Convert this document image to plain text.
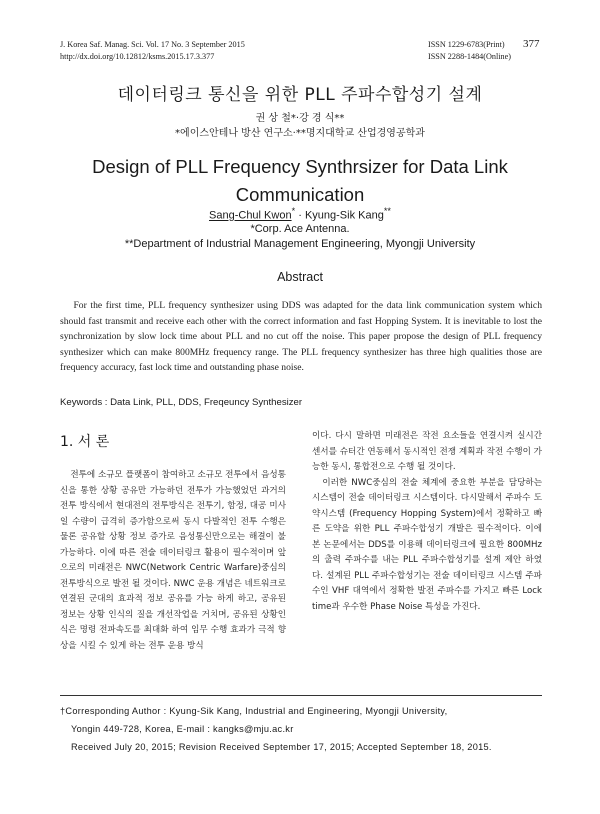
J. Korea Saf. Manag. Sci. Vol. 17 No. 3 September 2015
http://dx.doi.org/10.12812/ksms.2015.17.3.377
ISSN 1229-6783(Print)
ISSN 2288-1484(Online)
377
데이터링크 통신을 위한 PLL 주파수합성기 설계
권 상 철*·강 경 식**
*에이스안테나 방산 연구소·**명지대학교 산업경영공학과
Design of PLL Frequency Synthrsizer for Data Link
Communication
Sang-Chul Kwon* · Kyung-Sik Kang**
*Corp. Ace Antenna.
**Department of Industrial Management Engineering, Myongji University
Abstract

For the first time, PLL frequency synthesizer using DDS was adapted for the data link communication system which should fast transmit and receive each other with the correct information and fast Hopping System. It is inevitable to lost the synchronization by slow lock time about PLL and no cut off the noise. This paper propose the design of PLL frequency synthesizer which can make 800MHz frequency range. The PLL frequency synthesizer has three high qualities those are frequency accuracy, fast lock time and outstanding phase noise.

Keywords : Data Link, PLL, DDS, Freqeuncy Synthesizer
1. 서 론

전투에 소규모 플랫폼이 참여하고 소규모 전투에서 음성통신을 통한 상황 공유만 가능하던 전투가 가능했었던 과거의 전투 방식에서 현대전의 전투방식은 전투기, 함정, 대공 미사일 수량이 급격히 증가함으로써 동시 다발적인 전투 수행은 물론 공유할 상황 정보 증가로 음성통신만으로는 해결이 불가능하다. 이에 따른 전술 데이터링크 활용이 필수적이며 앞으로의 미래전은 NWC(Network Centric Warfare)중심의 전투방식으로 발전 될 것이다. NWC 운용 개념은 네트워크로 연결된 군대의 효과적 정보 공유를 가능 하게 하고, 공유된 정보는 상황 인식의 질을 개선작업을 거치며, 공유된 상황인식은 명령 전파속도를 최대화 하여 임무 수행 효과가 극적 향상을 시킬 수 있게 하는 전투 운용 방식

이다. 다시 말하면 미래전은 작전 요소들을 연결시켜 실시간 센서를 슈터간 연동해서 동시적인 전쟁 계획과 작전 수행이 가능한 동시, 통합전으로 수행 될 것이다.

이러한 NWC중심의 전술 체계에 중요한 부분을 담당하는 시스템이 전술 데이터링크 시스템이다. 다시말해서 주파수 도약시스템 (Frequency Hopping System)에서 정확하고 빠른 도약을 위한 PLL 주파수합성기 개발은 필수적이다. 이에 본 논문에서는 DDS를 이용해 데이터링크에 필요한 800MHz의 출력 주파수를 내는 PLL 주파수합성기를 설계 제안 하였다. 설계된 PLL 주파수합성기는 전술 데이터링크 시스템 주파수인 VHF 대역에서 정확한 발전 주파수를 가지고 빠른 Lock time과 우수한 Phase Noise 특성을 가진다.

†Corresponding Author : Kyung-Sik Kang, Industrial and Engineering, Myongji University,
Yongin 449-728, Korea, E-mail : kangks@mju.ac.kr
Received July 20, 2015; Revision Received September 17, 2015; Accepted September 18, 2015.
